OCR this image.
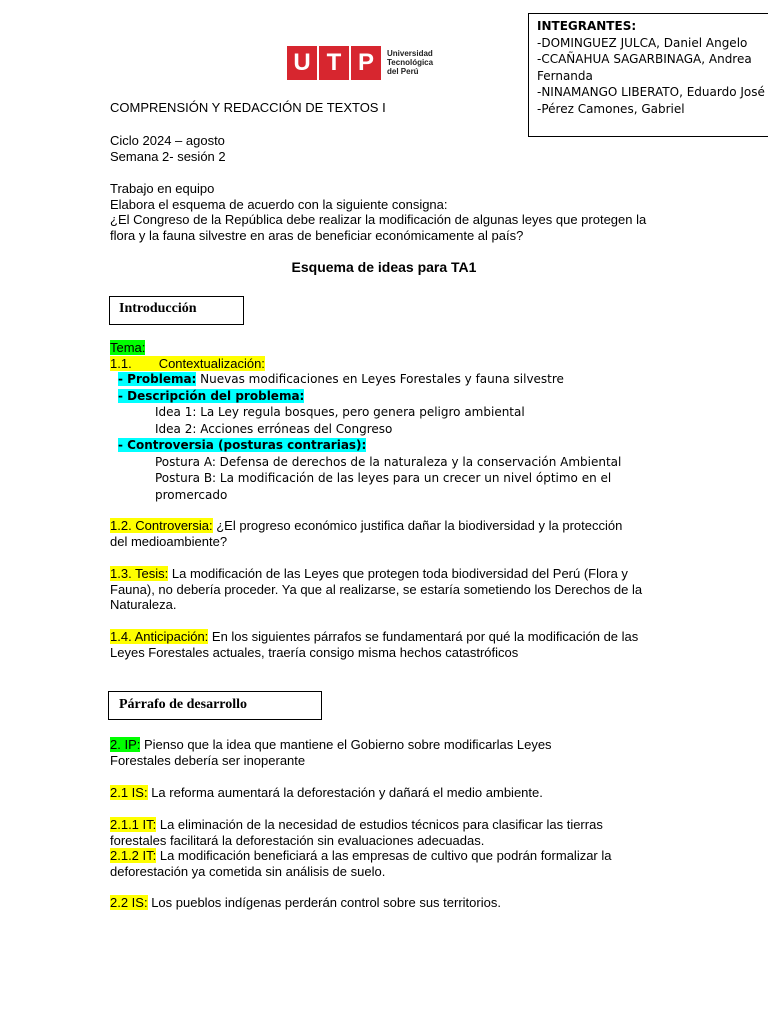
INTEGRANTES:
-DOMINGUEZ JULCA, Daniel Angelo
-CCAÑAHUA SAGARBINAGA, Andrea Fernanda
-NINAMANGO LIBERATO, Eduardo José
-Pérez Camones, Gabriel
U T P Universidad
Tecnológica
del Perú

COMPRENSIÓN Y REDACCIÓN DE TEXTOS I

Ciclo 2024 – agosto

Semana 2- sesión 2

Trabajo en equipo

Elabora el esquema de acuerdo con la siguiente consigna:

¿El Congreso de la República debe realizar la modificación de algunas leyes que protegen la flora y la fauna silvestre en aras de beneficiar económicamente al país?

Esquema de ideas para TA1
Introducción

Tema:

1.1. Contextualización:

- Problema: Nuevas modificaciones en Leyes Forestales y fauna silvestre

- Descripción del problema:

Idea 1: La Ley regula bosques, pero genera peligro ambiental

Idea 2: Acciones erróneas del Congreso

- Controversia (posturas contrarias):

Postura A: Defensa de derechos de la naturaleza y la conservación Ambiental

Postura B: La modificación de las leyes para un crecer un nivel óptimo en el promercado

1.2. Controversia: ¿El progreso económico justifica dañar la biodiversidad y la protección del medioambiente?

1.3. Tesis: La modificación de las Leyes que protegen toda biodiversidad del Perú (Flora y Fauna), no debería proceder. Ya que al realizarse, se estaría sometiendo los Derechos de la Naturaleza.

1.4. Anticipación: En los siguientes párrafos se fundamentará por qué la modificación de las Leyes Forestales actuales, traería consigo misma hechos catastróficos

Párrafo de desarrollo

2. IP: Pienso que la idea que mantiene el Gobierno sobre modificarlas Leyes Forestales debería ser inoperante

2.1 IS: La reforma aumentará la deforestación y dañará el medio ambiente.

2.1.1 IT: La eliminación de la necesidad de estudios técnicos para clasificar las tierras forestales facilitará la deforestación sin evaluaciones adecuadas.

2.1.2 IT: La modificación beneficiará a las empresas de cultivo que podrán formalizar la deforestación ya cometida sin análisis de suelo.

2.2 IS: Los pueblos indígenas perderán control sobre sus territorios.
